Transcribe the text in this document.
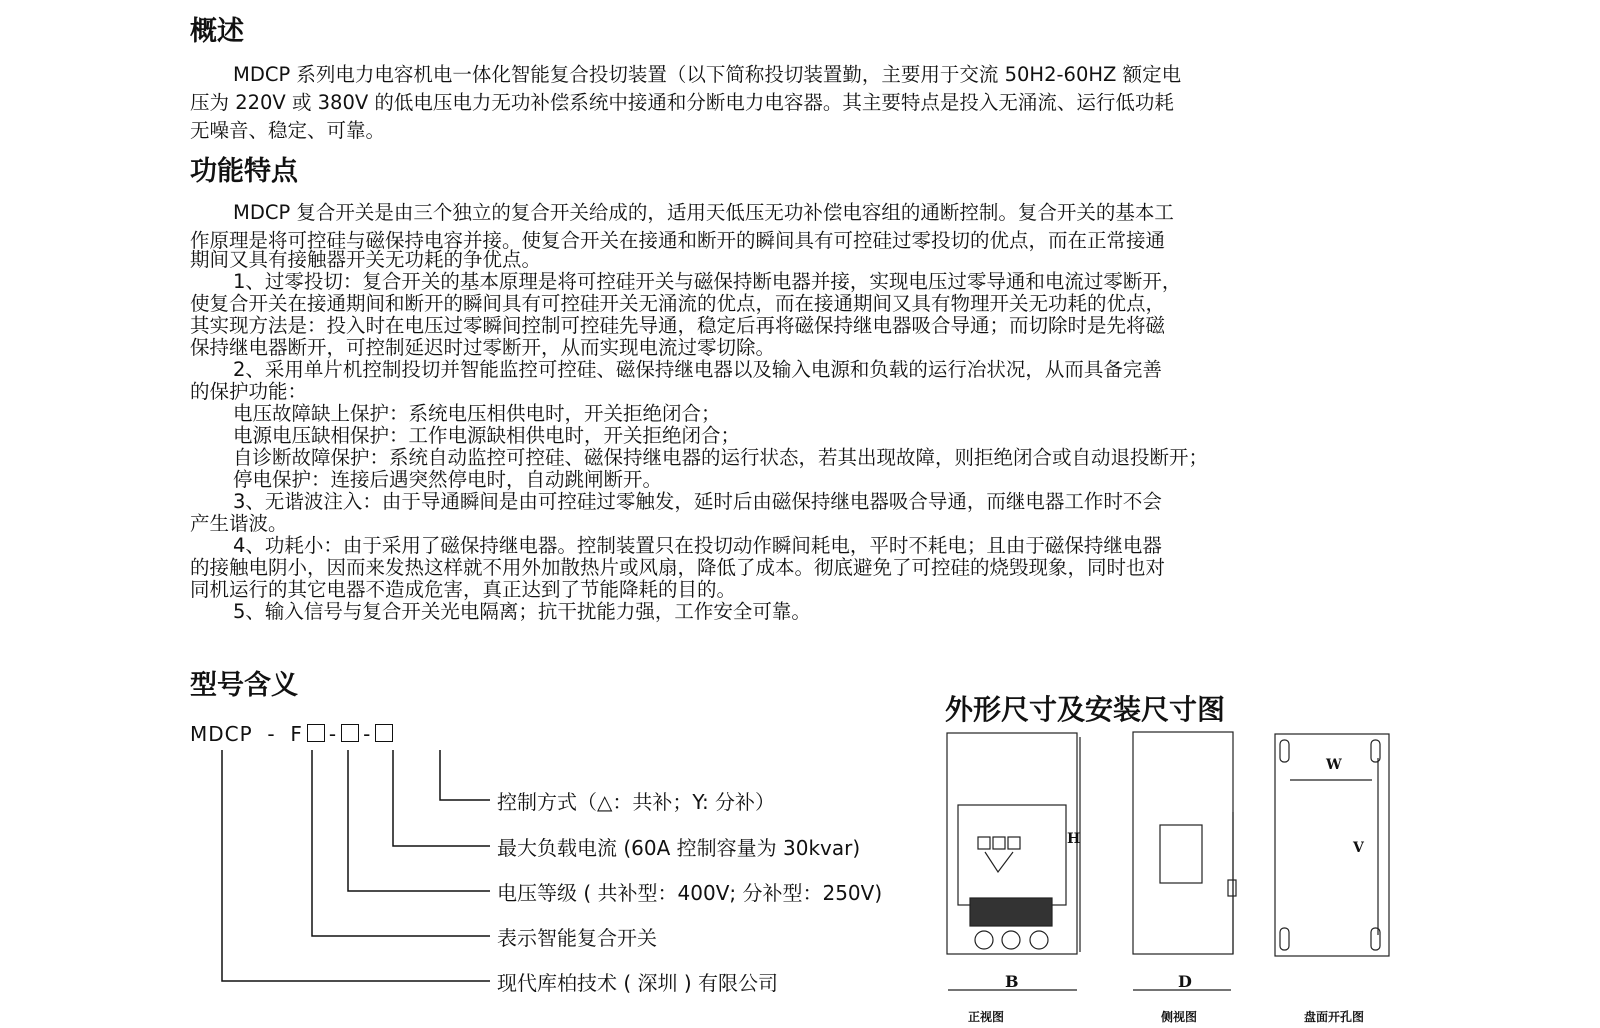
概述
MDCP 系列电力电容机电一体化智能复合投切装置（以下简称投切装置勤，主要用于交流 50H2-60HZ 额定电
压为 220V 或 380V 的低电压电力无功补偿系统中接通和分断电力电容器。其主要特点是投入无涌流、运行低功耗
无噪音、稳定、可靠。
功能特点
MDCP 复合开关是由三个独立的复合开关给成的，适用天低压无功补偿电容组的通断控制。复合开关的基本工
作原理是将可控硅与磁保持电容并接。使复合开关在接通和断开的瞬间具有可控硅过零投切的优点，而在正常接通
期间又具有接触器开关无功耗的争优点。
1、过零投切：复合开关的基本原理是将可控硅开关与磁保持断电器并接，实现电压过零导通和电流过零断开，
使复合开关在接通期间和断开的瞬间具有可控硅开关无涌流的优点，而在接通期间又具有物理开关无功耗的优点，
其实现方法是：投入时在电压过零瞬间控制可控硅先导通，稳定后再将磁保持继电器吸合导通；而切除时是先将磁
保持继电器断开，可控制延迟时过零断开，从而实现电流过零切除。
2、采用单片机控制投切并智能监控可控硅、磁保持继电器以及输入电源和负载的运行冶状况，从而具备完善
的保护功能：
电压故障缺上保护：系统电压相供电时，开关拒绝闭合；
电源电压缺相保护：工作电源缺相供电时，开关拒绝闭合；
自诊断故障保护：系统自动监控可控硅、磁保持继电器的运行状态，若其出现故障，则拒绝闭合或自动退投断开；
停电保护：连接后遇突然停电时，自动跳闸断开。
3、无谐波注入：由于导通瞬间是由可控硅过零触发，延时后由磁保持继电器吸合导通，而继电器工作时不会
产生谐波。
4、功耗小：由于采用了磁保持继电器。控制装置只在投切动作瞬间耗电，平时不耗电；且由于磁保持继电器
的接触电阴小，因而来发热这样就不用外加散热片或风扇，降低了成本。彻底避免了可控硅的烧毁现象，同时也对
同机运行的其它电器不造成危害，真正达到了节能降耗的目的。
5、输入信号与复合开关光电隔离；抗干扰能力强，工作安全可靠。
型号含义
MDCP - F - -
控制方式（△：共补；Y: 分补）
最大负载电流 (60A 控制容量为 30kvar)
电压等级 ( 共补型：400V; 分补型：250V)
表示智能复合开关
现代库柏技术 ( 深圳 ) 有限公司
外形尺寸及安装尺寸图
H
B	D
W
V
正视图	侧视图	盘面开孔图
